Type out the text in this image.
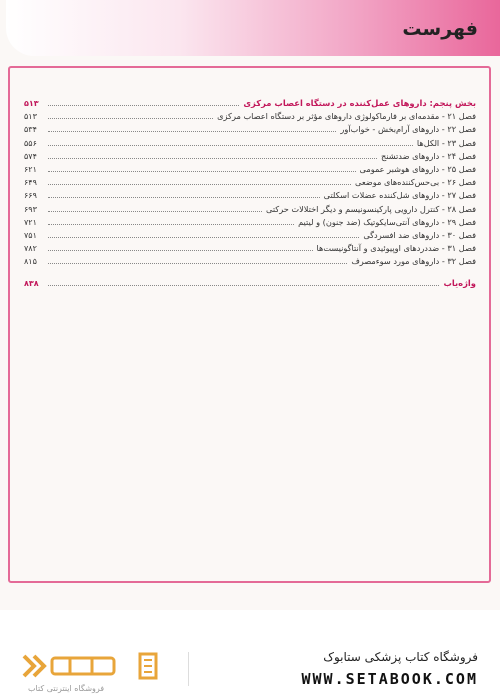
فهرست
بخش پنجم: داروهای عمل‌کننده در دستگاه اعصاب مرکزی
۵۱۳
فصل ۲۱ - مقدمه‌ای بر فارماکولوژی داروهای مؤثر بر دستگاه اعصاب مرکزی
۵۱۳
فصل ۲۲ - داروهای آرام‌بخش - خواب‌آور
۵۳۴
فصل ۲۳ - الکل‌ها
۵۵۶
فصل ۲۴ - داروهای ضدتشنج
۵۷۴
فصل ۲۵ - داروهای هوشبر عمومی
۶۲۱
فصل ۲۶ - بی‌حس‌کننده‌های موضعی
۶۴۹
فصل ۲۷ - داروهای شل‌کننده عضلات اسکلتی
۶۶۹
فصل ۲۸ - کنترل دارویی پارکینسونیسم و دیگر اختلالات حرکتی
۶۹۳
فصل ۲۹ - داروهای آنتی‌سایکوتیک (ضد جنون) و لیتیم
۷۲۱
فصل ۳۰ - داروهای ضد افسردگی
۷۵۱
فصل ۳۱ - ضددردهای اوپیوئیدی و آنتاگونیست‌ها
۷۸۲
فصل ۳۲ - داروهای مورد سوءمصرف
۸۱۵
واژه‌یاب
۸۳۸
فروشگاه اینترنتی کتاب
فروشگاه کتاب پزشکی ستابوک
WWW.SETABOOK.COM
